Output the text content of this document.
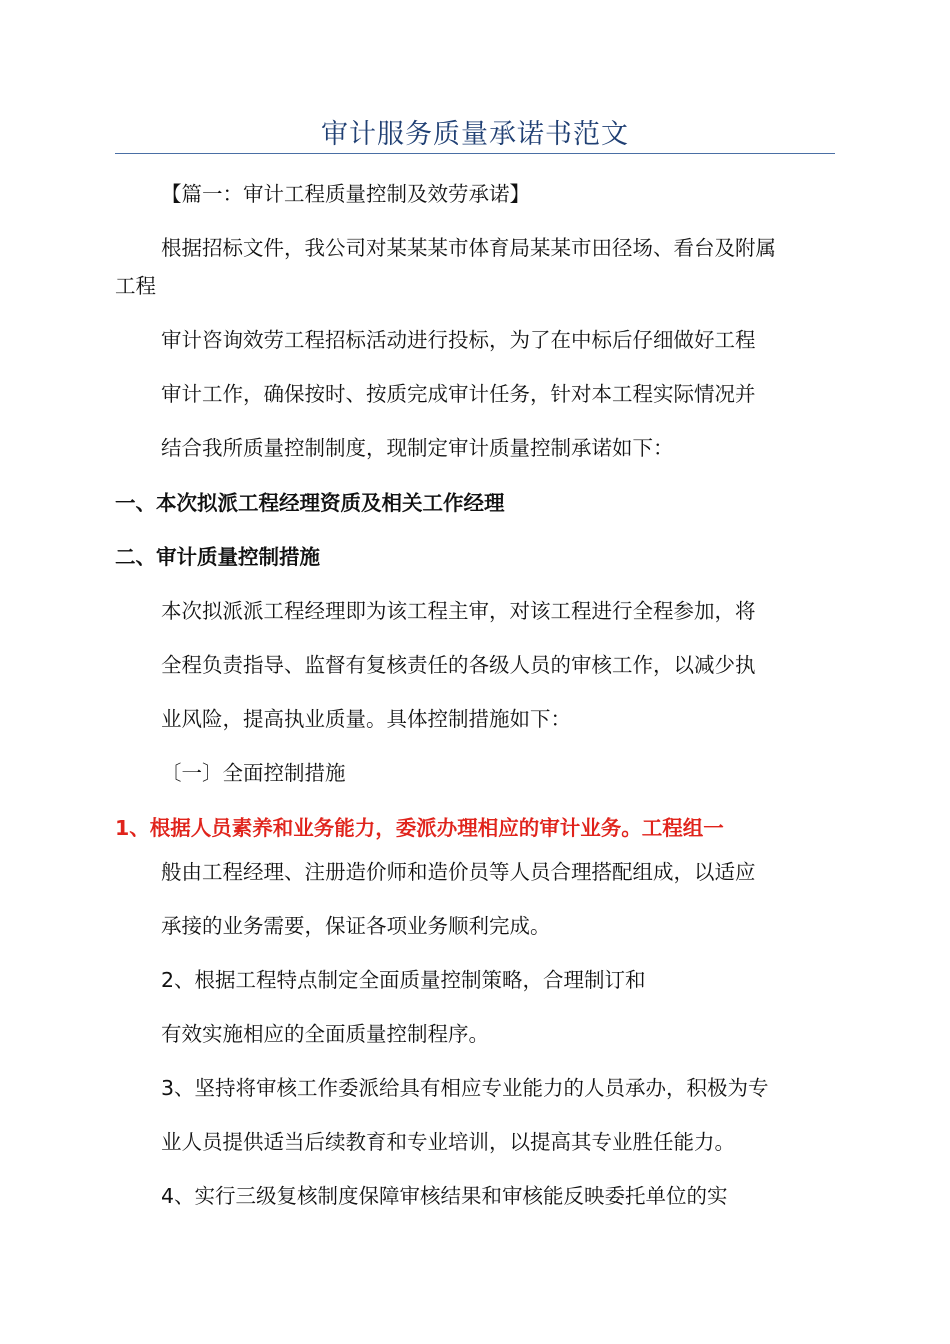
审计服务质量承诺书范文
【篇一：审计工程质量控制及效劳承诺】
根据招标文件，我公司对某某某市体育局某某市田径场、看台及附属
工程
审计咨询效劳工程招标活动进行投标，为了在中标后仔细做好工程
审计工作，确保按时、按质完成审计任务，针对本工程实际情况并
结合我所质量控制制度，现制定审计质量控制承诺如下：
一、本次拟派工程经理资质及相关工作经理
二、审计质量控制措施
本次拟派派工程经理即为该工程主审，对该工程进行全程参加，将
全程负责指导、监督有复核责任的各级人员的审核工作，以减少执
业风险，提高执业质量。具体控制措施如下：
〔一〕全面控制措施
1、根据人员素养和业务能力，委派办理相应的审计业务。工程组一
般由工程经理、注册造价师和造价员等人员合理搭配组成，以适应
承接的业务需要，保证各项业务顺利完成。
2、根据工程特点制定全面质量控制策略，合理制订和
有效实施相应的全面质量控制程序。
3、坚持将审核工作委派给具有相应专业能力的人员承办，积极为专
业人员提供适当后续教育和专业培训，以提高其专业胜任能力。
4、实行三级复核制度保障审核结果和审核能反映委托单位的实
